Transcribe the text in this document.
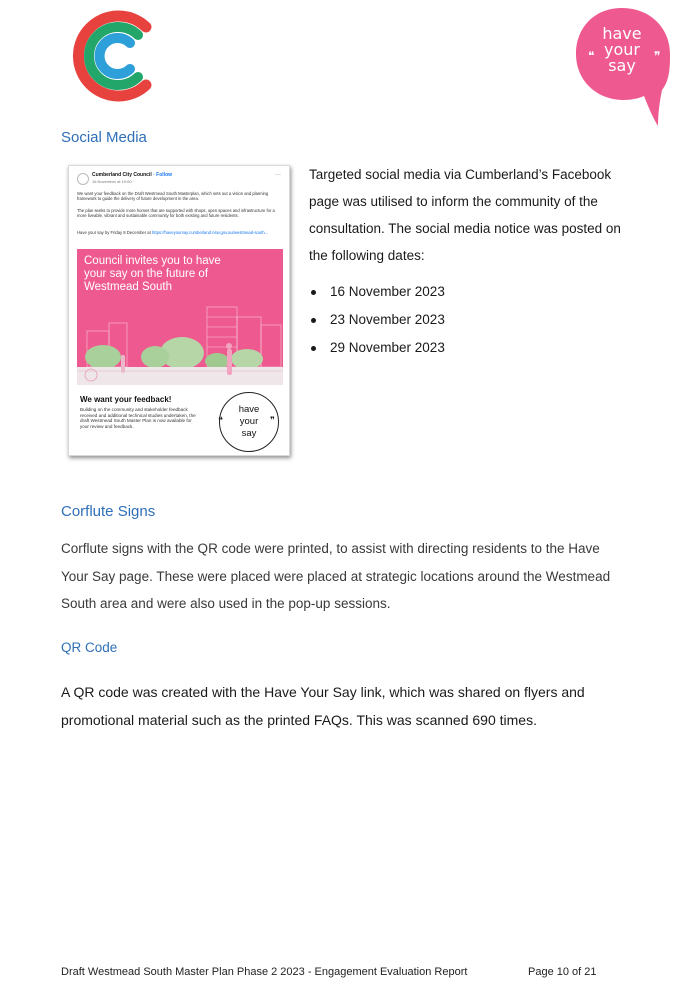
❝	❞
have
your
say
Social Media
Cumberland City Council · Follow
16 November at 19:00 ·
···
We want your feedback on the Draft Westmead South Masterplan, which sets out a vision and planning framework to guide the delivery of future development in the area.
The plan seeks to provide more homes that are supported with shops, open spaces and infrastructure for a more liveable, vibrant and sustainable community for both existing and future residents.
Have your say by Friday 8 December at https://haveyoursay.cumberland.nsw.gov.au/westmead-south...
Council invites you to have your say on the future of Westmead South
We want your feedback!
Building on the community and stakeholder feedback received and additional technical studies undertaken, the draft Westmead South Master Plan is now available for your review and feedback.
have
your
say
❝	❞

Targeted social media via Cumberland’s Facebook page was utilised to inform the community of the consultation. The social media notice was posted on the following dates:

16 November 2023
23 November 2023
29 November 2023
Corflute Signs

Corflute signs with the QR code were printed, to assist with directing residents to the Have Your Say page. These were placed were placed at strategic locations around the Westmead South area and were also used in the pop-up sessions.

QR Code

A QR code was created with the Have Your Say link, which was shared on flyers and promotional material such as the printed FAQs. This was scanned 690 times.

Draft Westmead South Master Plan Phase 2 2023 - Engagement Evaluation Report	Page 10 of 21
